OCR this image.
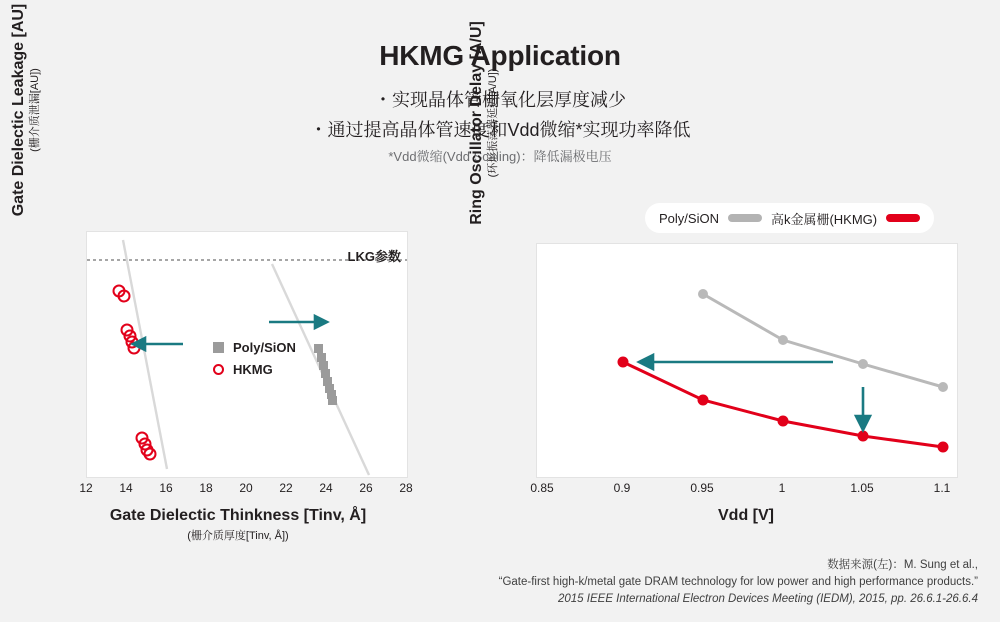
HKMG Application
・实现晶体管栅氧化层厚度减少
・通过提高晶体管速度和Vdd微缩*实现功率降低
*Vdd微缩(Vdd Scaling)：降低漏极电压
Gate Dielectic Leakage [AU] (栅介质泄漏[AU])
LKG参数
Poly/SiON
HKMG
12 14 16 18 20 22 24 26 28
Gate Dielectic Thinkness [Tinv, Å]
(栅介质厚度[Tinv, Å])
Poly/SiON	高k金属栅(HKMG)
Ring Oscillator Delay [A/U] (环形振荡器延迟[A/U])
0.85	0.9	0.95	1	1.05	1.1
Vdd [V]
数据来源(左)：M. Sung et al.,
“Gate-first high-k/metal gate DRAM technology for low power and high performance products.”
2015 IEEE International Electron Devices Meeting (IEDM), 2015, pp. 26.6.1-26.6.4
